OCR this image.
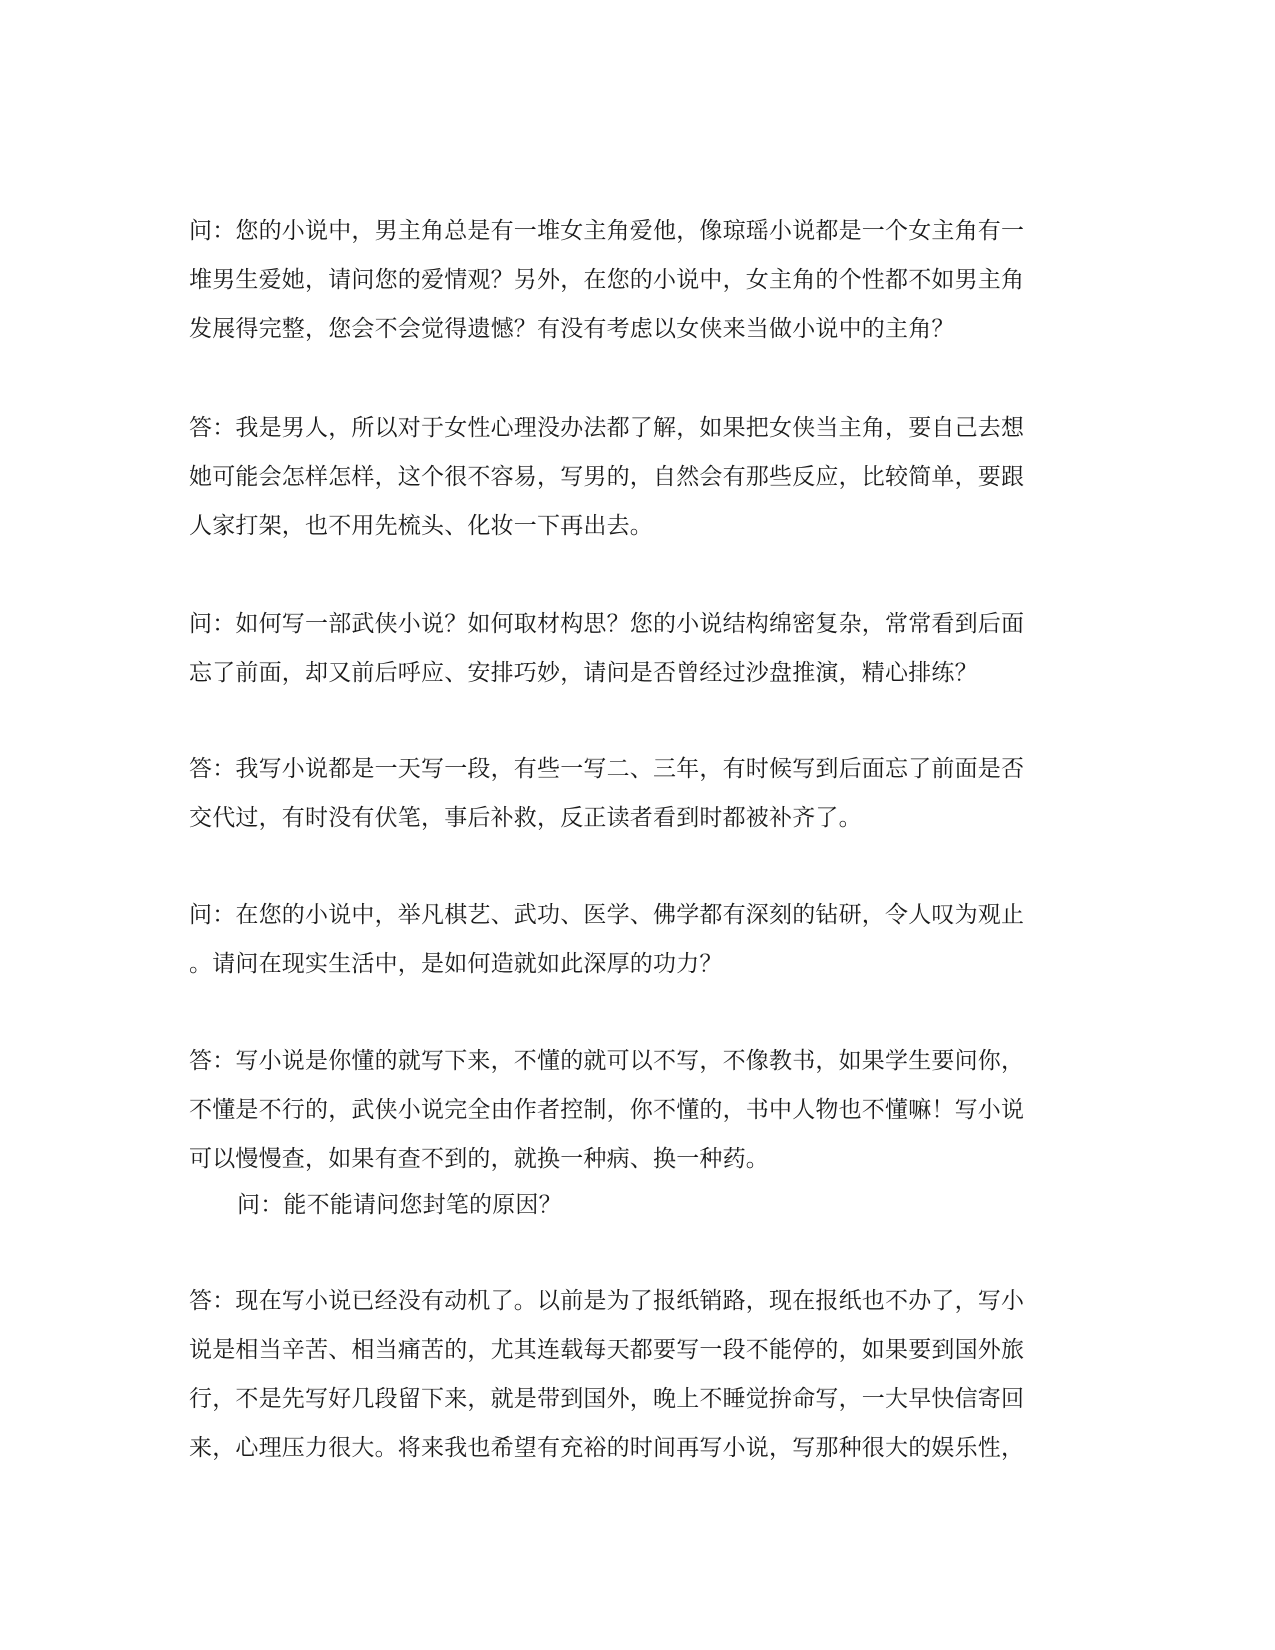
问：您的小说中，男主角总是有一堆女主角爱他，像琼瑶小说都是一个女主角有一
堆男生爱她，请问您的爱情观？另外，在您的小说中，女主角的个性都不如男主角
发展得完整，您会不会觉得遗憾？有没有考虑以女侠来当做小说中的主角？

答：我是男人，所以对于女性心理没办法都了解，如果把女侠当主角，要自己去想
她可能会怎样怎样，这个很不容易，写男的，自然会有那些反应，比较简单，要跟
人家打架，也不用先梳头、化妆一下再出去。

问：如何写一部武侠小说？如何取材构思？您的小说结构绵密复杂，常常看到后面
忘了前面，却又前后呼应、安排巧妙，请问是否曾经过沙盘推演，精心排练？

答：我写小说都是一天写一段，有些一写二、三年，有时候写到后面忘了前面是否
交代过，有时没有伏笔，事后补救，反正读者看到时都被补齐了。

问：在您的小说中，举凡棋艺、武功、医学、佛学都有深刻的钻研，令人叹为观止
。请问在现实生活中，是如何造就如此深厚的功力？

答：写小说是你懂的就写下来，不懂的就可以不写，不像教书，如果学生要问你，
不懂是不行的，武侠小说完全由作者控制，你不懂的，书中人物也不懂嘛！写小说
可以慢慢查，如果有查不到的，就换一种病、换一种药。

问：能不能请问您封笔的原因？

答：现在写小说已经没有动机了。以前是为了报纸销路，现在报纸也不办了，写小
说是相当辛苦、相当痛苦的，尤其连载每天都要写一段不能停的，如果要到国外旅
行，不是先写好几段留下来，就是带到国外，晚上不睡觉拚命写，一大早快信寄回
来，心理压力很大。将来我也希望有充裕的时间再写小说，写那种很大的娱乐性，
